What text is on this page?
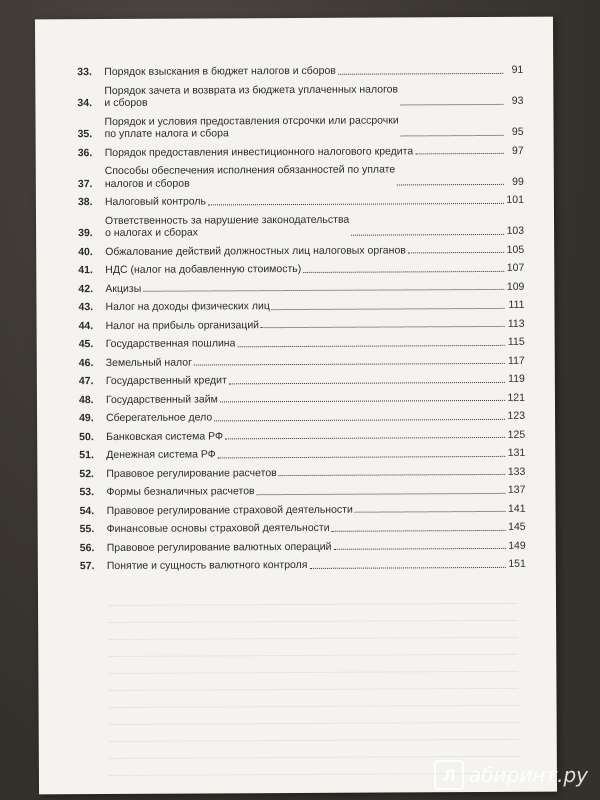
33.	Порядок взыскания в бюджет налогов и сборов	91
34.
Порядок зачета и возврата из бюджета уплаченных налогов
и сборов	93
35.
Порядок и условия предоставления отсрочки или рассрочки
по уплате налога и сбора	95
36.	Порядок предоставления инвестиционного налогового кредита	97
37.
Способы обеспечения исполнения обязанностей по уплате
налогов и сборов	99
38.	Налоговый контроль	101
39.
Ответственность за нарушение законодательства
о налогах и сборах	103
40.	Обжалование действий должностных лиц налоговых органов	105
41.	НДС (налог на добавленную стоимость)	107
42.	Акцизы	109
43.	Налог на доходы физических лиц	111
44.	Налог на прибыль организаций	113
45.	Государственная пошлина	115
46.	Земельный налог	117
47.	Государственный кредит	119
48.	Государственный займ	121
49.	Сберегательное дело	123
50.	Банковская система РФ	125
51.	Денежная система РФ	131
52.	Правовое регулирование расчетов	133
53.	Формы безналичных расчетов	137
54.	Правовое регулирование страховой деятельности	141
55.	Финансовые основы страховой деятельности	145
56.	Правовое регулирование валютных операций	149
57.	Понятие и сущность валютного контроля	151
Л абиринт.ру
